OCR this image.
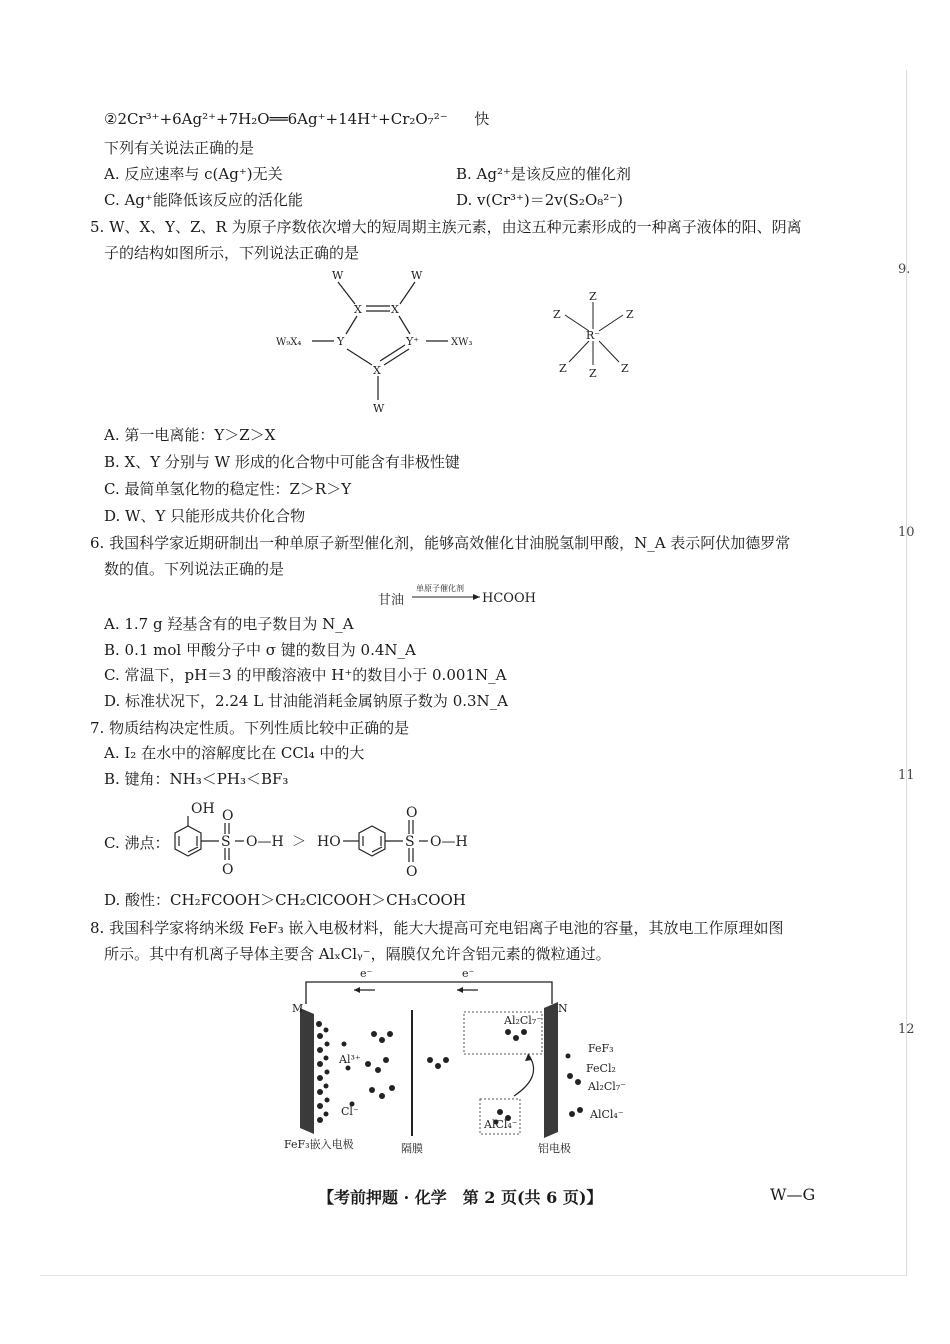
②2Cr³⁺+6Ag²⁺+7H₂O══6Ag⁺+14H⁺+Cr₂O₇²⁻ 快
下列有关说法正确的是
A. 反应速率与 c(Ag⁺)无关	B. Ag²⁺是该反应的催化剂
C. Ag⁺能降低该反应的活化能	D. v(Cr³⁺)＝2v(S₂O₈²⁻)
5. W、X、Y、Z、R 为原子序数依次增大的短周期主族元素，由这五种元素形成的一种离子液体的阳、阴离
子的结构如图所示，下列说法正确的是
W	W
X	X
Y	Y⁺
W₉X₄	XW₃
X
W
Z
Z	Z
R⁻
Z Z Z
A. 第一电离能：Y＞Z＞X
B. X、Y 分别与 W 形成的化合物中可能含有非极性键
C. 最简单氢化物的稳定性：Z＞R＞Y
D. W、Y 只能形成共价化合物
6. 我国科学家近期研制出一种单原子新型催化剂，能够高效催化甘油脱氢制甲酸，N_A 表示阿伏加德罗常
数的值。下列说法正确的是
甘油
单原子催化剂
HCOOH
A. 1.7 g 羟基含有的电子数目为 N_A
B. 0.1 mol 甲酸分子中 σ 键的数目为 0.4N_A
C. 常温下，pH＝3 的甲酸溶液中 H⁺的数目小于 0.001N_A
D. 标准状况下，2.24 L 甘油能消耗金属钠原子数为 0.3N_A
7. 物质结构决定性质。下列性质比较中正确的是
A. I₂ 在水中的溶解度比在 CCl₄ 中的大
B. 键角：NH₃＜PH₃＜BF₃
C. 沸点：
OH O
S
O
O—H ＞ HO
O
S
O
O—H
D. 酸性：CH₂FCOOH＞CH₂ClCOOH＞CH₃COOH
8. 我国科学家将纳米级 FeF₃ 嵌入电极材料，能大大提高可充电铝离子电池的容量，其放电工作原理如图
所示。其中有机离子导体主要含 AlₓClᵧ⁻，隔膜仅允许含铝元素的微粒通过。
M	N
e⁻
e⁻
Al³⁺
Cl⁻
Al₂Cl₇⁻
FeF₃
FeCl₂
Al₂Cl₇⁻
AlCl₄⁻
AlCl₄⁻
FeF₃嵌入电极	隔膜	铝电极
9.
10
11
12
【考前押题 · 化学　第 2 页(共 6 页)】	W—G
